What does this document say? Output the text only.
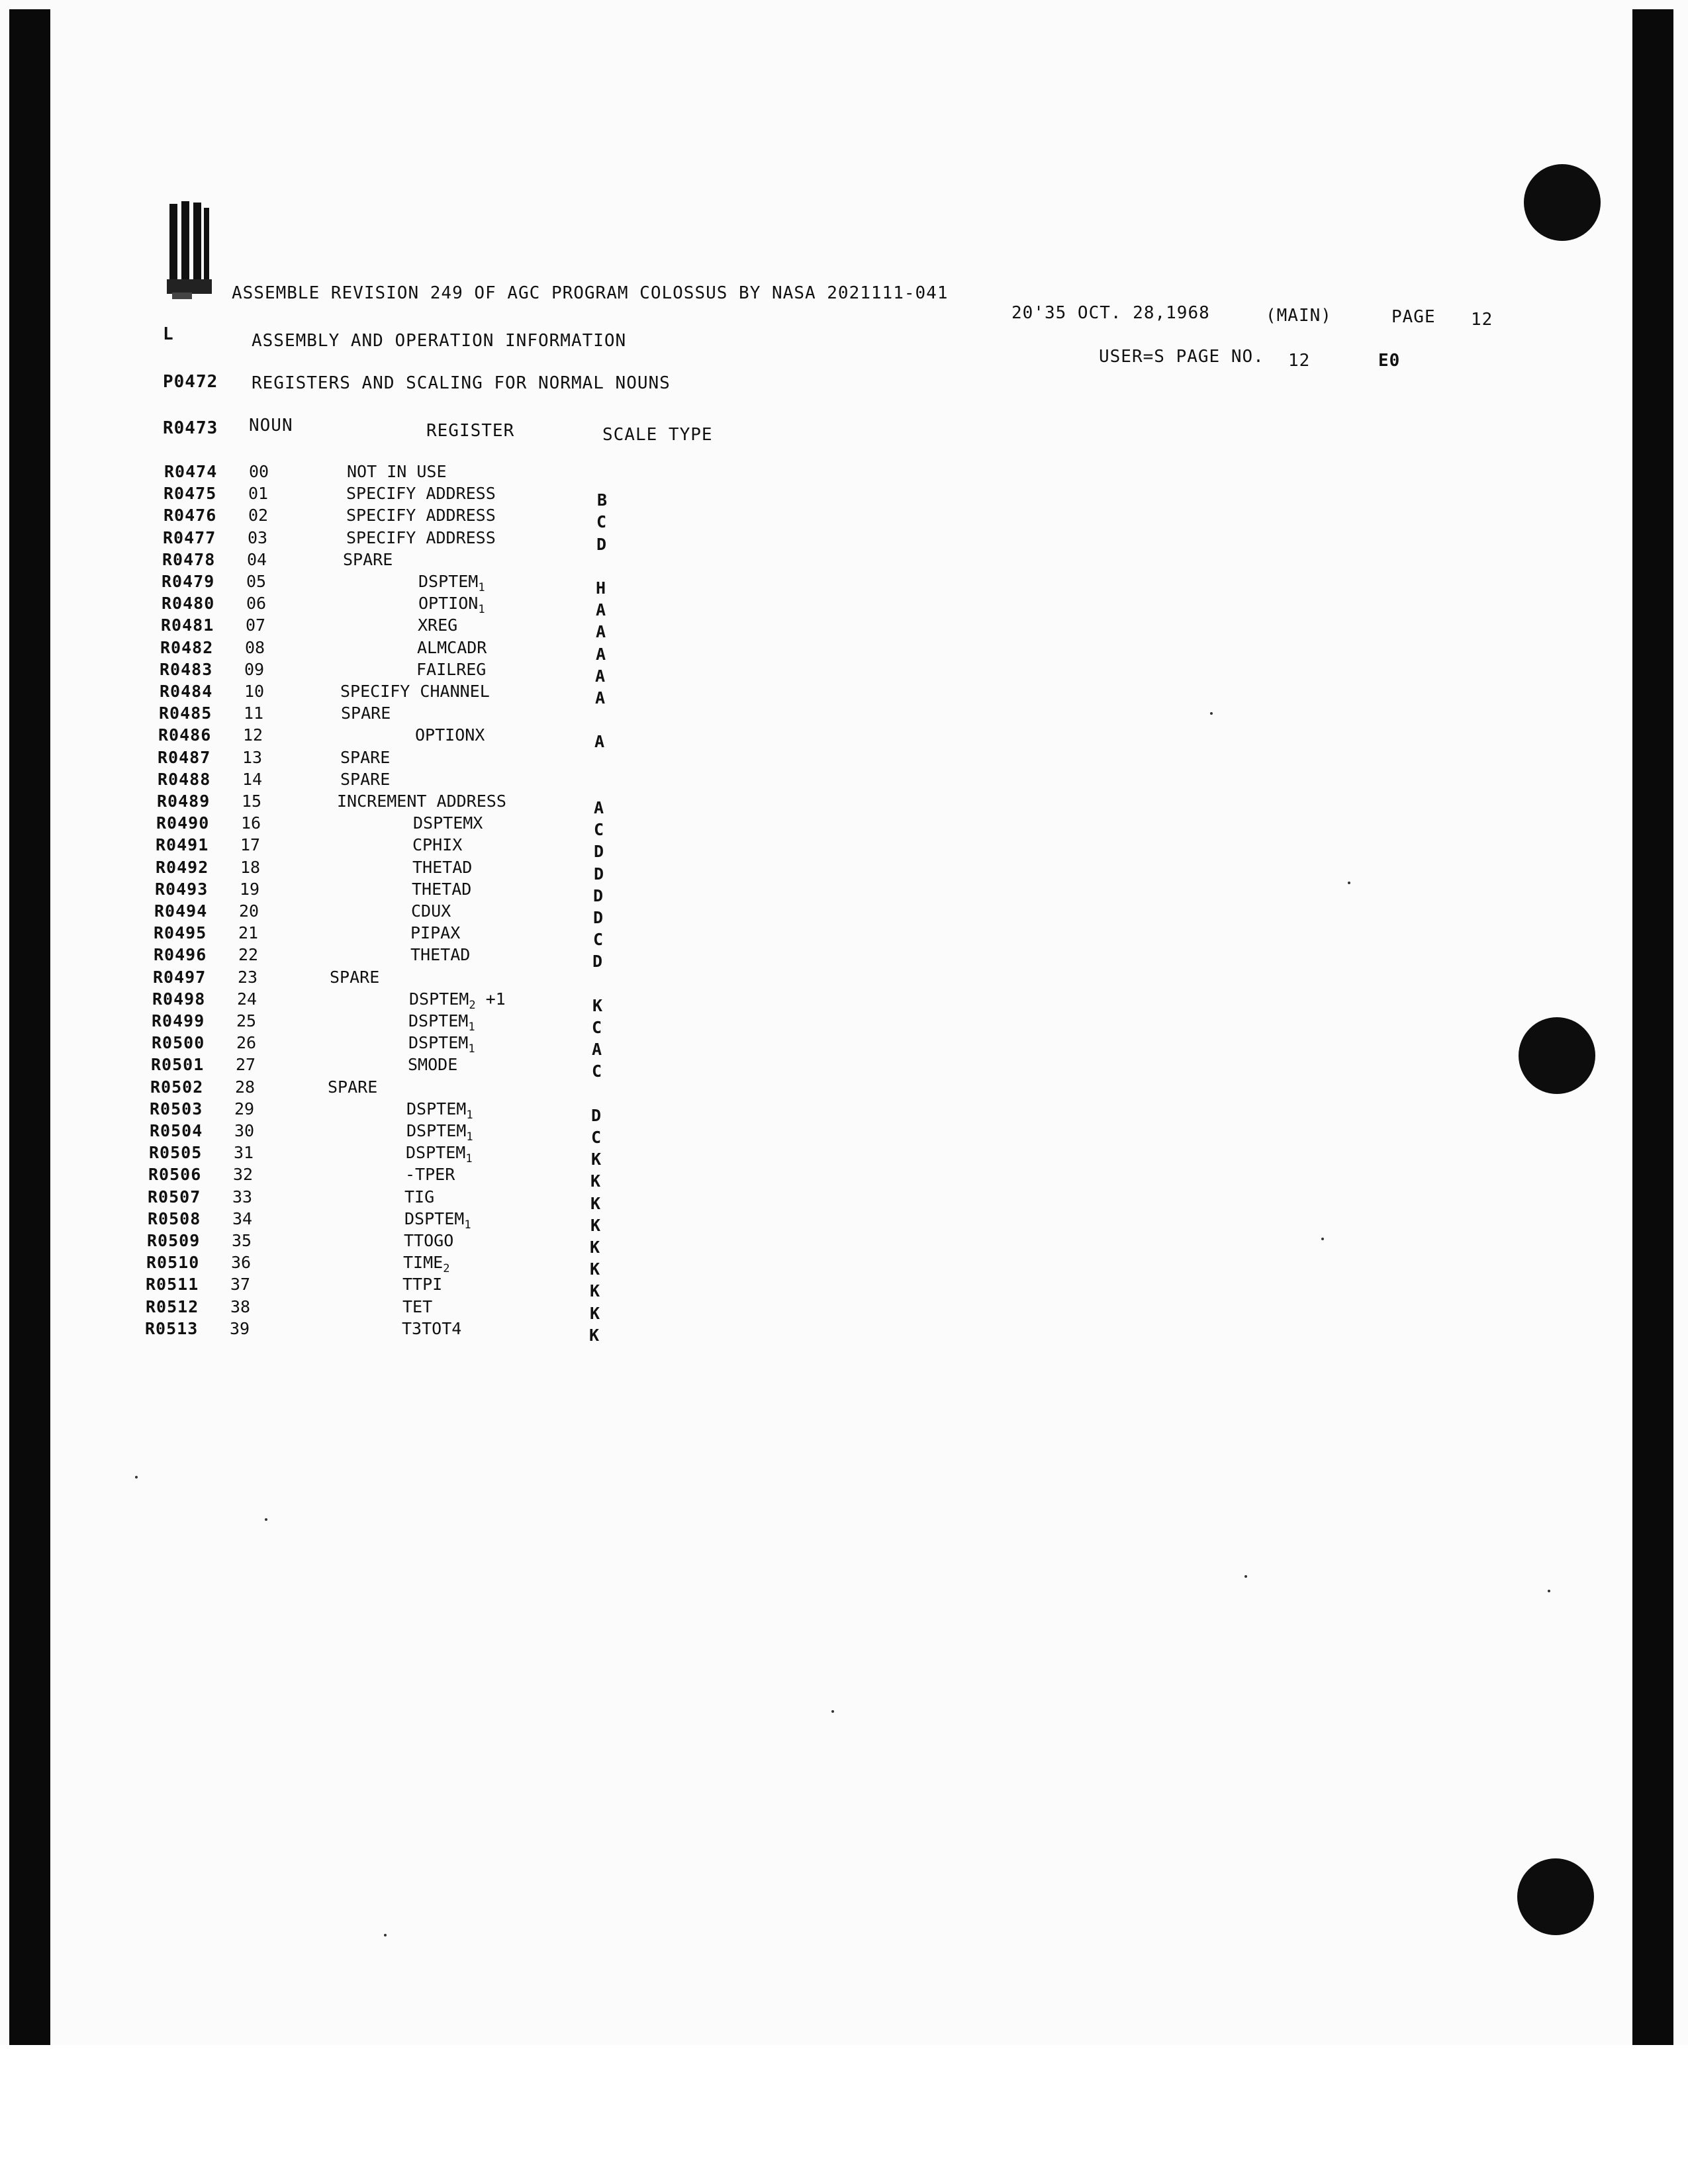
ASSEMBLE REVISION 249 OF AGC PROGRAM COLOSSUS BY NASA 2021111-041
20'35 OCT. 28,1968	(MAIN)	PAGE 12
L	ASSEMBLY AND OPERATION INFORMATION
USER=S PAGE NO. 12	E0
P0472 REGISTERS AND SCALING FOR NORMAL NOUNS
R0473 NOUN	REGISTER	SCALE TYPE
R0474 00	NOT IN USE
R0475 01	SPECIFY ADDRESS	B
R0476 02	SPECIFY ADDRESS	C
R0477 03	SPECIFY ADDRESS	D
R0478 04	SPARE
R0479 05	$DSPTEM_1$	H
R0480 06	$OPTION_1$	A
R0481 07	XREG	A
R0482 08	ALMCADR	A
R0483 09	FAILREG	A
R0484 10	SPECIFY CHANNEL	A
R0485 11	SPARE
R0486 12	OPTIONX	A
R0487 13	SPARE
R0488 14	SPARE
R0489 15	INCREMENT ADDRESS	A
R0490 16	DSPTEMX	C
R0491 17	CPHIX	D
R0492 18	THETAD	D
R0493 19	THETAD	D
R0494 20	CDUX	D
R0495 21	PIPAX	C
R0496 22	THETAD	D
R0497 23	SPARE
R0498 24	$DSPTEM_2 +1$	K
R0499 25	$DSPTEM_1$	C
R0500 26	$DSPTEM_1$	A
R0501 27	SMODE	C
R0502 28	SPARE
R0503 29	$DSPTEM_1$	D
R0504 30	$DSPTEM_1$	C
R0505 31	$DSPTEM_1$	K
R0506 32	-TPER	K
R0507 33	TIG	K
R0508 34	$DSPTEM_1$	K
R0509 35	TTOGO	K
R0510 36	$TIME_2$	K
R0511 37	TTPI	K
R0512 38	TET	K
R0513 39	T3TOT4	K
